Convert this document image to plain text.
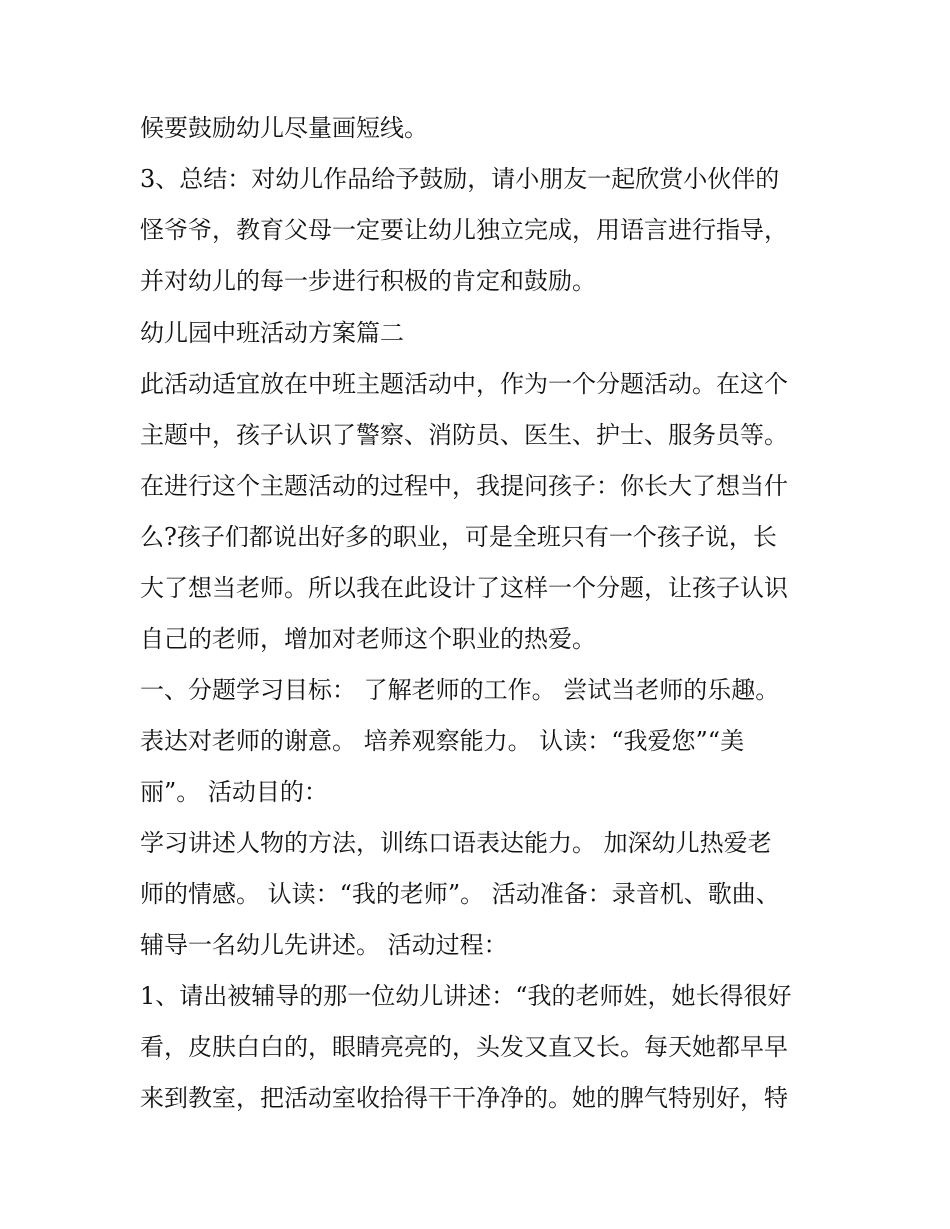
候要鼓励幼儿尽量画短线。
3、总结：对幼儿作品给予鼓励，请小朋友一起欣赏小伙伴的
怪爷爷，教育父母一定要让幼儿独立完成，用语言进行指导，
并对幼儿的每一步进行积极的肯定和鼓励。
幼儿园中班活动方案篇二
此活动适宜放在中班主题活动中，作为一个分题活动。在这个
主题中，孩子认识了警察、消防员、医生、护士、服务员等。
在进行这个主题活动的过程中，我提问孩子：你长大了想当什
么?孩子们都说出好多的职业，可是全班只有一个孩子说，长
大了想当老师。所以我在此设计了这样一个分题，让孩子认识
自己的老师，增加对老师这个职业的热爱。
一、分题学习目标： 了解老师的工作。 尝试当老师的乐趣。
表达对老师的谢意。 培养观察能力。 认读：“我爱您”“美
丽”。 活动目的：
学习讲述人物的方法，训练口语表达能力。 加深幼儿热爱老
师的情感。 认读：“我的老师”。 活动准备：录音机、歌曲、
辅导一名幼儿先讲述。 活动过程：
1、请出被辅导的那一位幼儿讲述：“我的老师姓，她长得很好
看，皮肤白白的，眼睛亮亮的，头发又直又长。每天她都早早
来到教室，把活动室收拾得干干净净的。她的脾气特别好，特
